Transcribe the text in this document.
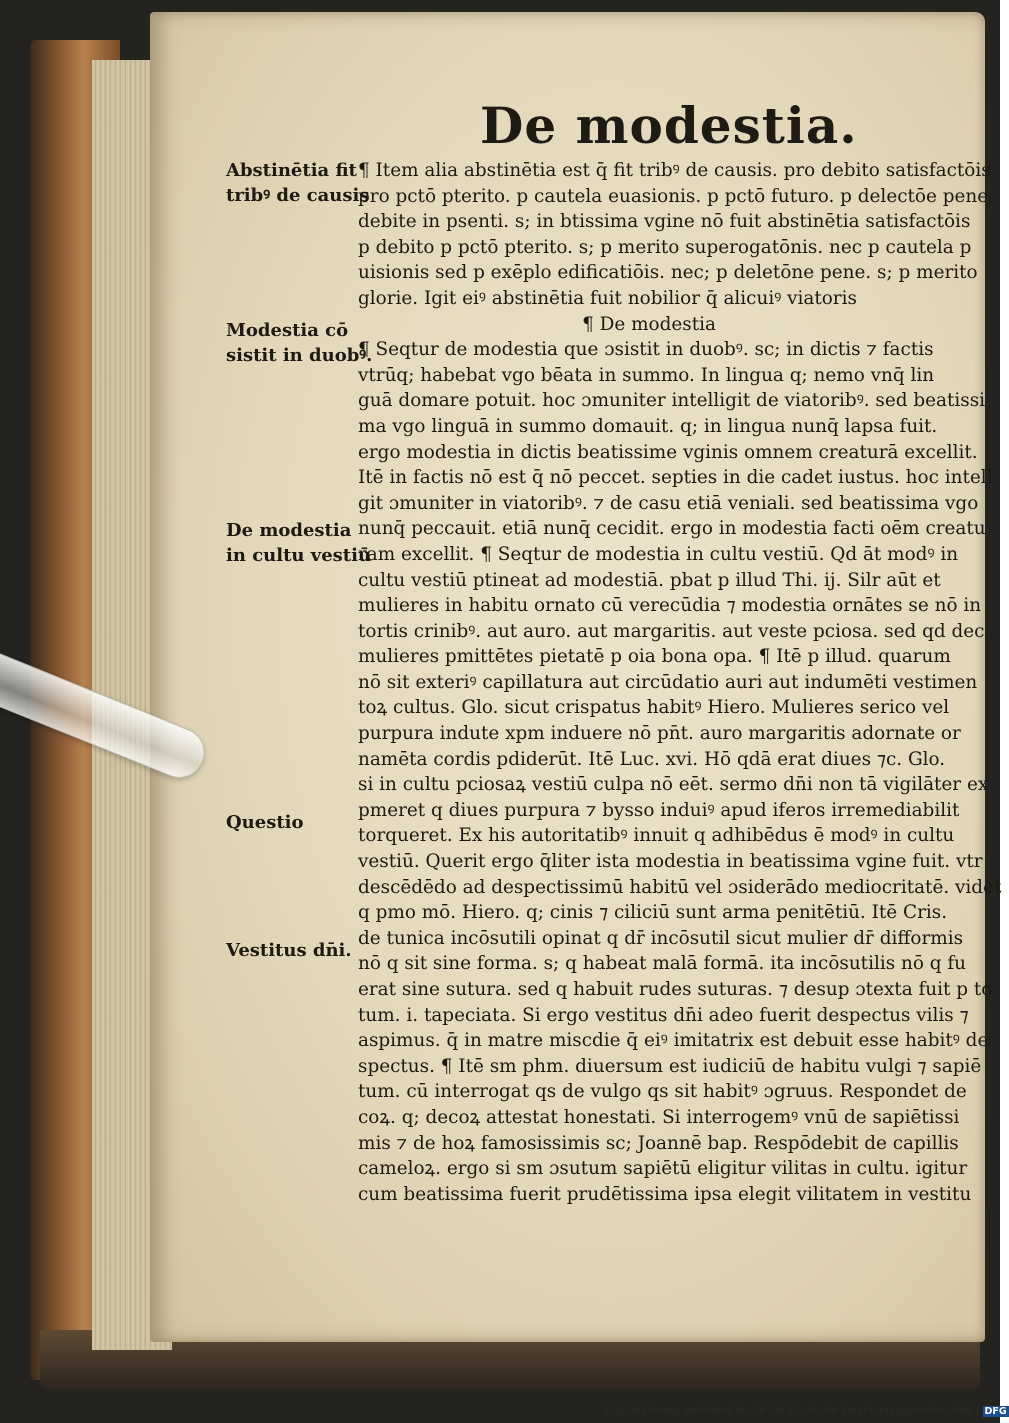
De modestia.
Abstinētia fit
tribꝰ de causis
Modestia cō
sistit in duobꝰ.
De modestia
in cultu vestiū
Questio
Vestitus dn̄i.
¶ Item alia abstinētia est q̄ fit tribꝰ de causis. pro debito satisfactōis
pro pctō pterito. p cautela euasionis. p pctō futuro. p delectōe pene
debite in psenti. s; in btissima vgine nō fuit abstinētia satisfactōis
p debito p pctō pterito. s; p merito superogatōnis. nec p cautela p
uisionis sed p exēplo edificatiōis. nec; p deletōne pene. s; p merito
glorie. Igit eiꝰ abstinētia fuit nobilior q̄ alicuiꝰ viatoris
¶ De modestia
¶ Seqtur de modestia que ɔsistit in duobꝰ. sc; in dictis ⁊ factis
vtrūq; habebat vgo bēata in summo. In lingua q; nemo vnq̄ lin
guā domare potuit. hoc ɔmuniter intelligit de viatoribꝰ. sed beatissi
ma vgo linguā in summo domauit. q; in lingua nunq̄ lapsa fuit.
ergo modestia in dictis beatissime vginis omnem creaturā excellit.
Itē in factis nō est q̄ nō peccet. septies in die cadet iustus. hoc intell
git ɔmuniter in viatoribꝰ. ⁊ de casu etiā veniali. sed beatissima vgo
nunq̄ peccauit. etiā nunq̄ cecidit. ergo in modestia facti oēm creatu
ram excellit. ¶ Seqtur de modestia in cultu vestiū. Qd āt modꝰ in
cultu vestiū ptineat ad modestiā. pbat p illud Thi. ij. Silr aūt et
mulieres in habitu ornato cū verecūdia ⁊ modestia ornātes se nō in
tortis crinibꝰ. aut auro. aut margaritis. aut veste pciosa. sed qd dec;
mulieres pmittētes pietatē p oia bona opa. ¶ Itē p illud. quarum
nō sit exteriꝰ capillatura aut circūdatio auri aut indumēti vestimen
toꝝ cultus. Glo. sicut crispatus habitꝰ Hiero. Mulieres serico vel
purpura indute xpm induere nō pn̄t. auro margaritis adornate or
namēta cordis pdiderūt. Itē Luc. xvi. Hō qdā erat diues ⁊c. Glo.
si in cultu pciosaꝝ vestiū culpa nō eēt. sermo dn̄i non tā vigilāter ex
pmeret q diues purpura ⁊ bysso induiꝰ apud iferos irremediabilit
torqueret. Ex his autoritatibꝰ innuit q adhibēdus ē modꝰ in cultu
vestiū. Querit ergo q̄liter ista modestia in beatissima vgine fuit. vtr
descēdēdo ad despectissimū habitū vel ɔsiderādo mediocritatē. videt
q pmo mō. Hiero. q; cinis ⁊ ciliciū sunt arma penitētiū. Itē Cris.
de tunica incōsutili opinat q dr̄ incōsutil sicut mulier dr̄ difformis
nō q sit sine forma. s; q habeat malā formā. ita incōsutilis nō q fu
erat sine sutura. sed q habuit rudes suturas. ⁊ desup ɔtexta fuit p to
tum. i. tapeciata. Si ergo vestitus dn̄i adeo fuerit despectus vilis ⁊
aspimus. q̄ in matre miscdie q̄ eiꝰ imitatrix est debuit esse habitꝰ de
spectus. ¶ Itē sm phm. diuersum est iudiciū de habitu vulgi ⁊ sapiē
tum. cū interrogat qs de vulgo qs sit habitꝰ ɔgruus. Respondet de
coꝝ. q; decoꝝ attestat honestati. Si interrogemꝰ vnū de sapiētissi
mis ⁊ de hoꝝ famosissimis sc; Joannē bap. Respōdebit de capillis
cameloꝝ. ergo si sm ɔsutum sapiētū eligitur vilitas in cultu. igitur
cum beatissima fuerit prudētissima ipsa elegit vilitatem in vestitu
Digitalisierung gefördert durch die Deutsche Forschungsgemeinschaft - DFG
